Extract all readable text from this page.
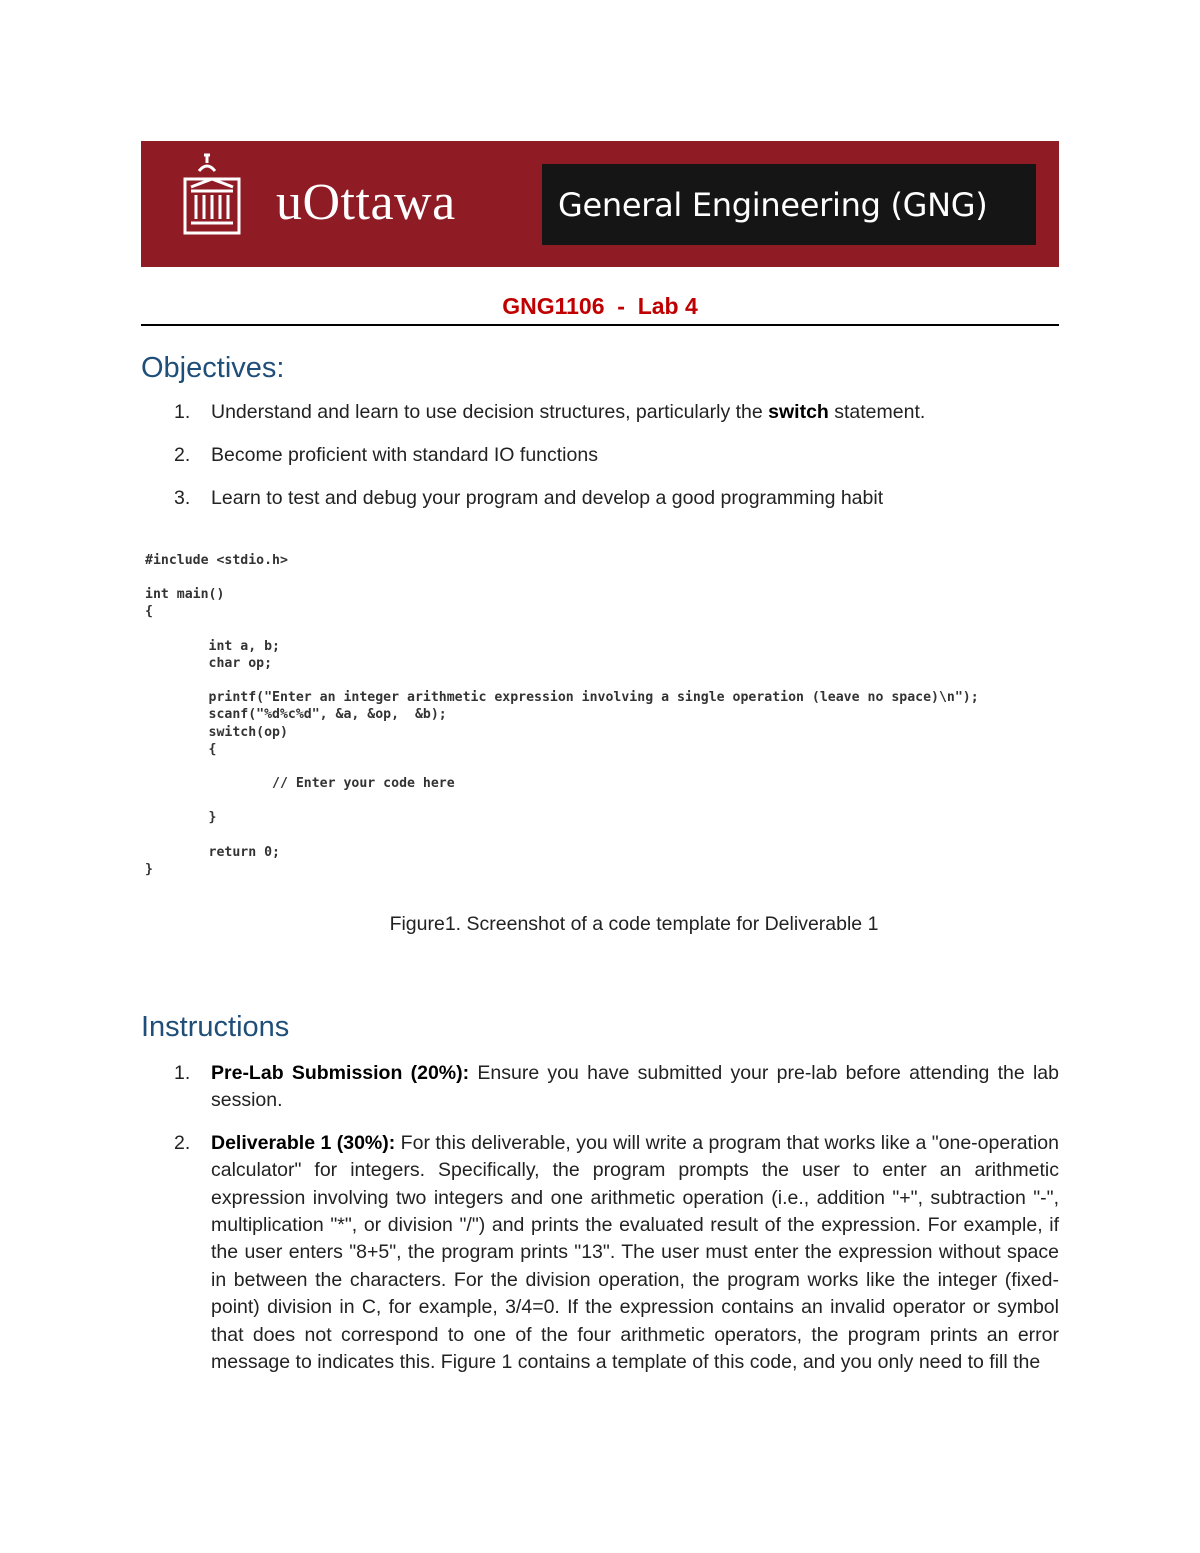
uOttawa	General Engineering (GNG)
GNG1106  -  Lab 4
Objectives:
1. Understand and learn to use decision structures, particularly the switch statement.
2. Become proficient with standard IO functions
3. Learn to test and debug your program and develop a good programming habit
#include <stdio.h>

int main()
{

int a, b;
char op;

printf("Enter an integer arithmetic expression involving a single operation (leave no space)\n");
scanf("%d%c%d", &a, &op,  &b);
switch(op)
{

// Enter your code here

}

return 0;
}
Figure1. Screenshot of a code template for Deliverable 1
Instructions
1. Pre-Lab Submission (20%): Ensure you have submitted your pre-lab before attending the lab session.
2. Deliverable 1 (30%): For this deliverable, you will write a program that works like a "one-operation calculator" for integers. Specifically, the program prompts the user to enter an arithmetic expression involving two integers and one arithmetic operation (i.e., addition "+", subtraction "-", multiplication "*", or division "/") and prints the evaluated result of the expression. For example, if the user enters "8+5", the program prints "13". The user must enter the expression without space in between the characters. For the division operation, the program works like the integer (fixed-point) division in C, for example, 3/4=0. If the expression contains an invalid operator or symbol that does not correspond to one of the four arithmetic operators, the program prints an error message to indicates this. Figure 1 contains a template of this code, and you only need to fill the
